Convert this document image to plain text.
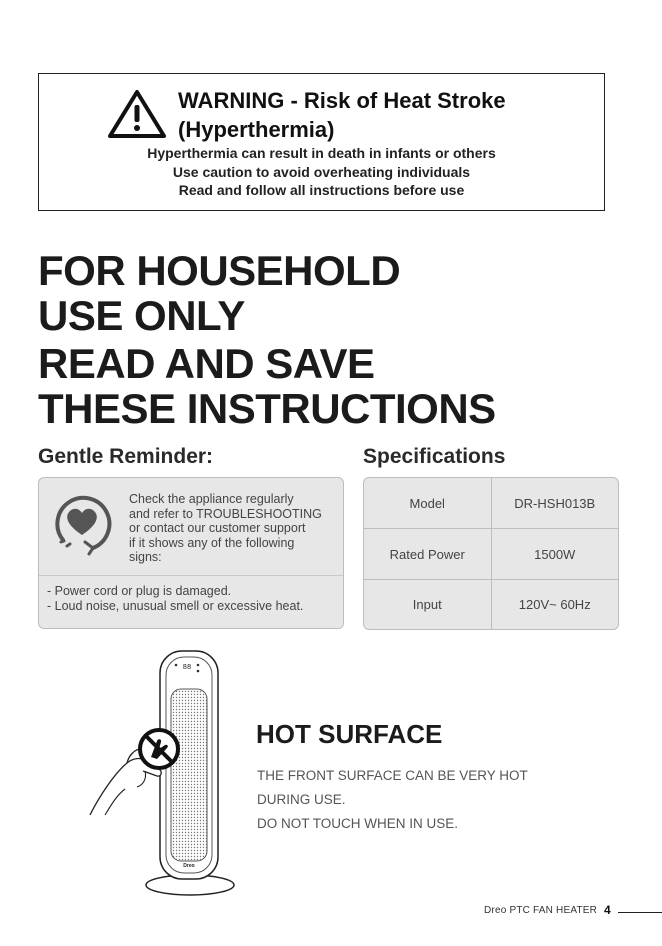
WARNING - Risk of Heat Stroke
(Hyperthermia)
Hyperthermia can result in death in infants or others
Use caution to avoid overheating individuals
Read and follow all instructions before use
FOR HOUSEHOLD
USE ONLY
READ AND SAVE
THESE INSTRUCTIONS
Gentle Reminder:	Specifications
Check the appliance regularly
and refer to TROUBLESHOOTING
or contact our customer support
if it shows any of the following
signs:
- Power cord or plug is damaged.
- Loud noise, unusual smell or excessive heat.
Model	DR-HSH013B
Rated Power	1500W
Input	120V~ 60Hz
88
Dreo
HOT SURFACE
THE FRONT SURFACE CAN BE VERY HOT
DURING USE.
DO NOT TOUCH WHEN IN USE.
Dreo PTC FAN HEATER 4
